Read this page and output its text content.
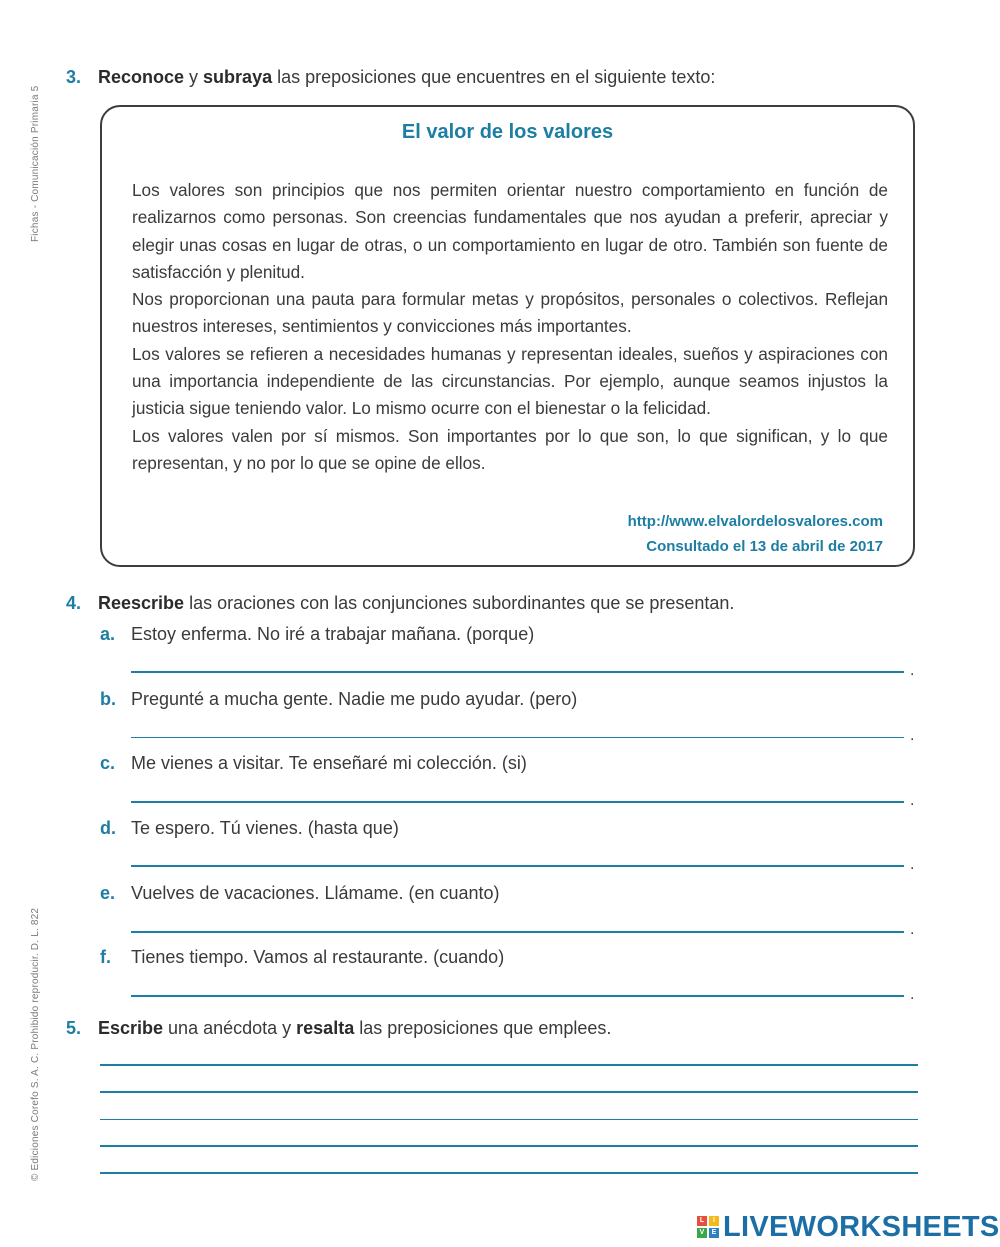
Fichas - Comunicación Primaria 5
© Ediciones Corefo S. A. C. Prohibido reproducir. D. L. 822
3. Reconoce y subraya las preposiciones que encuentres en el siguiente texto:
El valor de los valores

Los valores son principios que nos permiten orientar nuestro comportamiento en función de realizarnos como personas. Son creencias fundamentales que nos ayudan a preferir, apreciar y elegir unas cosas en lugar de otras, o un comportamiento en lugar de otro. También son fuente de satisfacción y plenitud.

Nos proporcionan una pauta para formular metas y propósitos, personales o colectivos. Reflejan nuestros intereses, sentimientos y convicciones más importantes.

Los valores se refieren a necesidades humanas y representan ideales, sueños y aspiraciones con una importancia independiente de las circunstancias. Por ejemplo, aunque seamos injustos la justicia sigue teniendo valor. Lo mismo ocurre con el bienestar o la felicidad.

Los valores valen por sí mismos. Son importantes por lo que son, lo que significan, y lo que representan, y no por lo que se opine de ellos.

http://www.elvalordelosvalores.com
Consultado el 13 de abril de 2017
4. Reescribe las oraciones con las conjunciones subordinantes que se presentan.
a. Estoy enferma. No iré a trabajar mañana. (porque)
.
b. Pregunté a mucha gente. Nadie me pudo ayudar. (pero)
.
c. Me vienes a visitar. Te enseñaré mi colección. (si)
.
d. Te espero. Tú vienes. (hasta que)
.
e. Vuelves de vacaciones. Llámame. (en cuanto)
.
f. Tienes tiempo. Vamos al restaurante. (cuando)
.
5. Escribe una anécdota y resalta las preposiciones que emplees.
L	I
V	E LIVEWORKSHEETS
